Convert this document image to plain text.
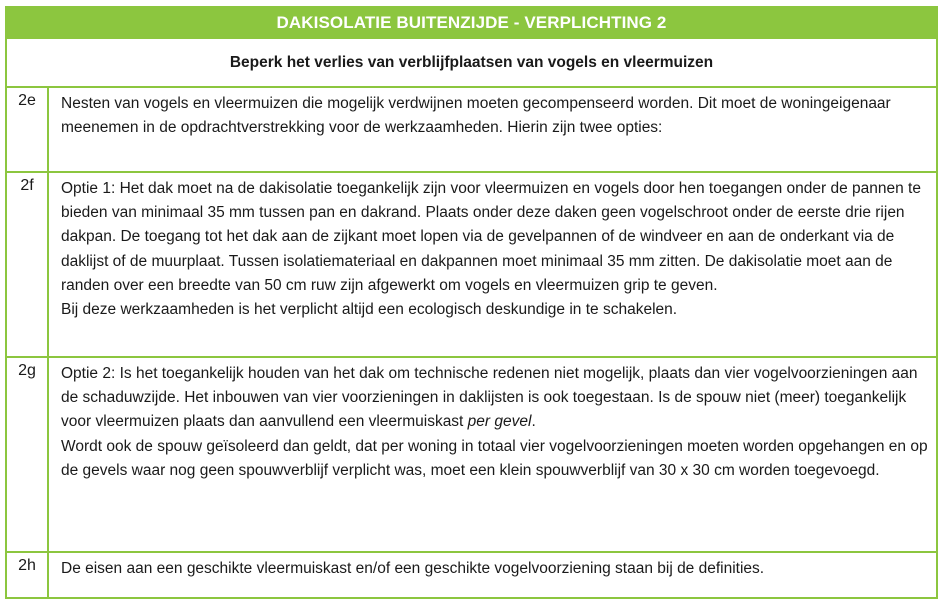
DAKISOLATIE BUITENZIJDE - VERPLICHTING 2
Beperk het verlies van verblijfplaatsen van vogels en vleermuizen
2e	Nesten van vogels en vleermuizen die mogelijk verdwijnen moeten gecompenseerd worden. Dit moet de woningeigenaar meenemen in de opdrachtverstrekking voor de werkzaamheden. Hierin zijn twee opties:

2f	Optie 1: Het dak moet na de dakisolatie toegankelijk zijn voor vleermuizen en vogels door hen toegangen onder de pannen te bieden van minimaal 35 mm tussen pan en dakrand. Plaats onder deze daken geen vogelschroot onder de eerste drie rijen dakpan. De toegang tot het dak aan de zijkant moet lopen via de gevelpannen of de windveer en aan de onderkant via de daklijst of de muurplaat. Tussen isolatiemateriaal en dakpannen moet minimaal 35 mm zitten. De dakisolatie moet aan de randen over een breedte van 50 cm ruw zijn afgewerkt om vogels en vleermuizen grip te geven.

Bij deze werkzaamheden is het verplicht altijd een ecologisch deskundige in te schakelen.

2g	Optie 2: Is het toegankelijk houden van het dak om technische redenen niet mogelijk, plaats dan vier vogelvoorzieningen aan de schaduwzijde. Het inbouwen van vier voorzieningen in daklijsten is ook toegestaan. Is de spouw niet (meer) toegankelijk voor vleermuizen plaats dan aanvullend een vleermuiskast per gevel.

Wordt ook de spouw geïsoleerd dan geldt, dat per woning in totaal vier vogelvoorzieningen moeten worden opgehangen en op de gevels waar nog geen spouwverblijf verplicht was, moet een klein spouwverblijf van 30 x 30 cm worden toegevoegd.

2h	De eisen aan een geschikte vleermuiskast en/of een geschikte vogelvoorziening staan bij de definities.
